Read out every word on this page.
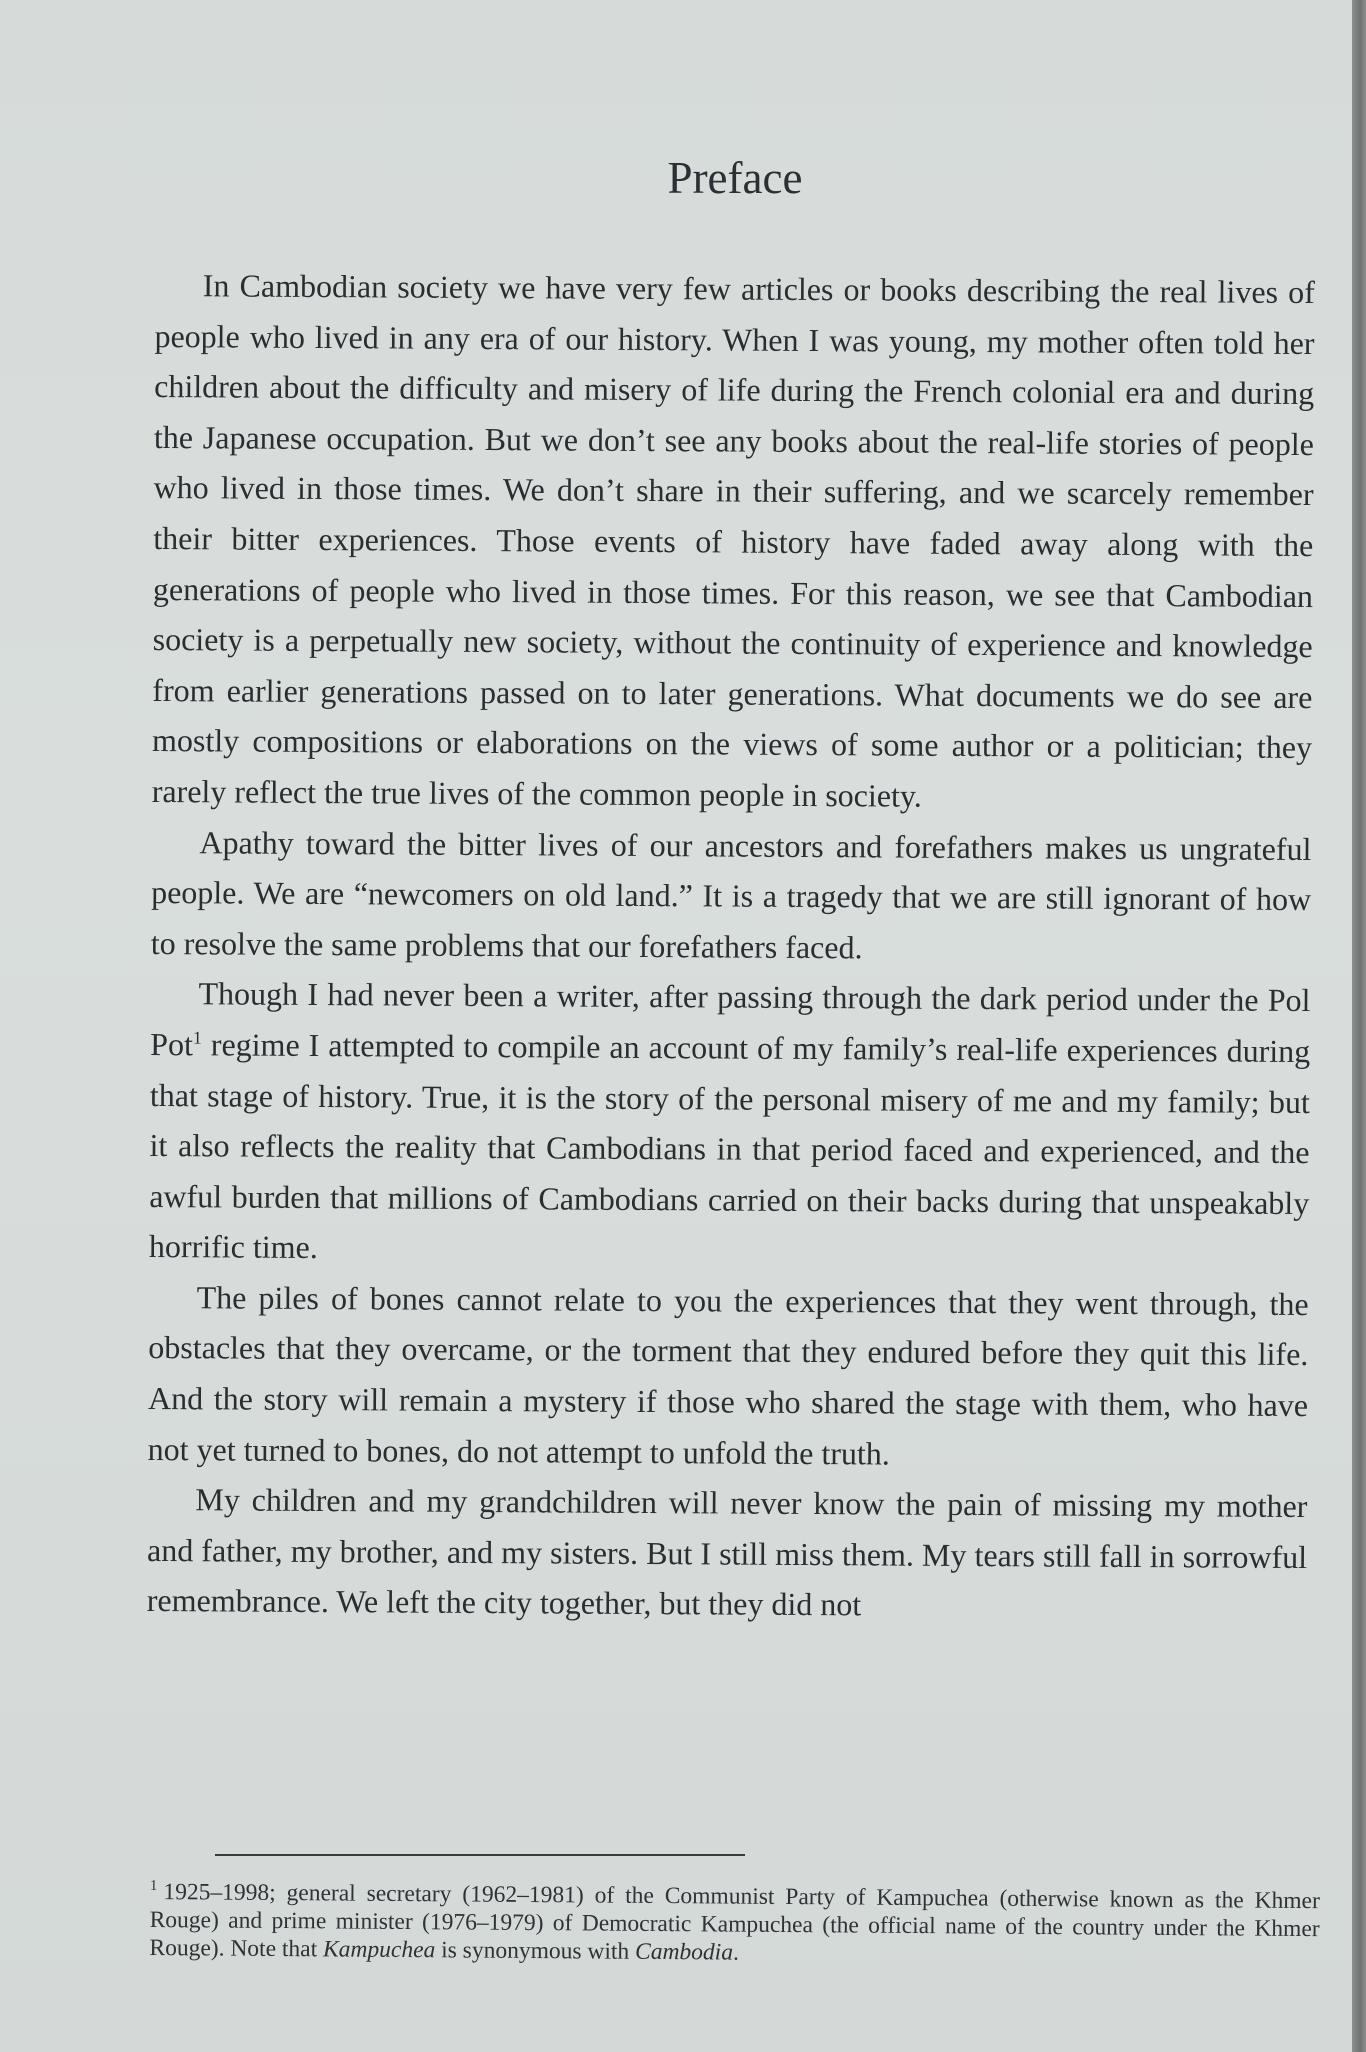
Preface

In Cambodian society we have very few articles or books describing the real lives of people who lived in any era of our history. When I was young, my mother often told her children about the difficulty and misery of life during the French colonial era and during the Japanese occupation. But we don’t see any books about the real-life stories of people who lived in those times. We don’t share in their suffering, and we scarcely remember their bitter experiences. Those events of history have faded away along with the generations of people who lived in those times. For this reason, we see that Cambodian society is a perpetually new society, without the continuity of experience and knowledge from earlier generations passed on to later generations. What documents we do see are mostly compositions or elaborations on the views of some author or a politician; they rarely reflect the true lives of the common people in society.

Apathy toward the bitter lives of our ancestors and forefathers makes us ungrateful people. We are “newcomers on old land.” It is a tragedy that we are still ignorant of how to resolve the same problems that our forefathers faced.

Though I had never been a writer, after passing through the dark period under the Pol Pot$^1$ regime I attempted to compile an account of my family’s real-life experiences during that stage of history. True, it is the story of the personal misery of me and my family; but it also reflects the reality that Cambodians in that period faced and experienced, and the awful burden that millions of Cambodians carried on their backs during that unspeakably horrific time.

The piles of bones cannot relate to you the experiences that they went through, the obstacles that they overcame, or the torment that they endured before they quit this life. And the story will remain a mystery if those who shared the stage with them, who have not yet turned to bones, do not attempt to unfold the truth.

My children and my grandchildren will never know the pain of missing my mother and father, my brother, and my sisters. But I still miss them. My tears still fall in sorrowful remembrance. We left the city together, but they did not

$^1$ 1925–1998; general secretary (1962–1981) of the Communist Party of Kampuchea (otherwise known as the Khmer Rouge) and prime minister (1976–1979) of Democratic Kampuchea (the official name of the country under the Khmer Rouge). Note that Kampuchea is synonymous with Cambodia.
